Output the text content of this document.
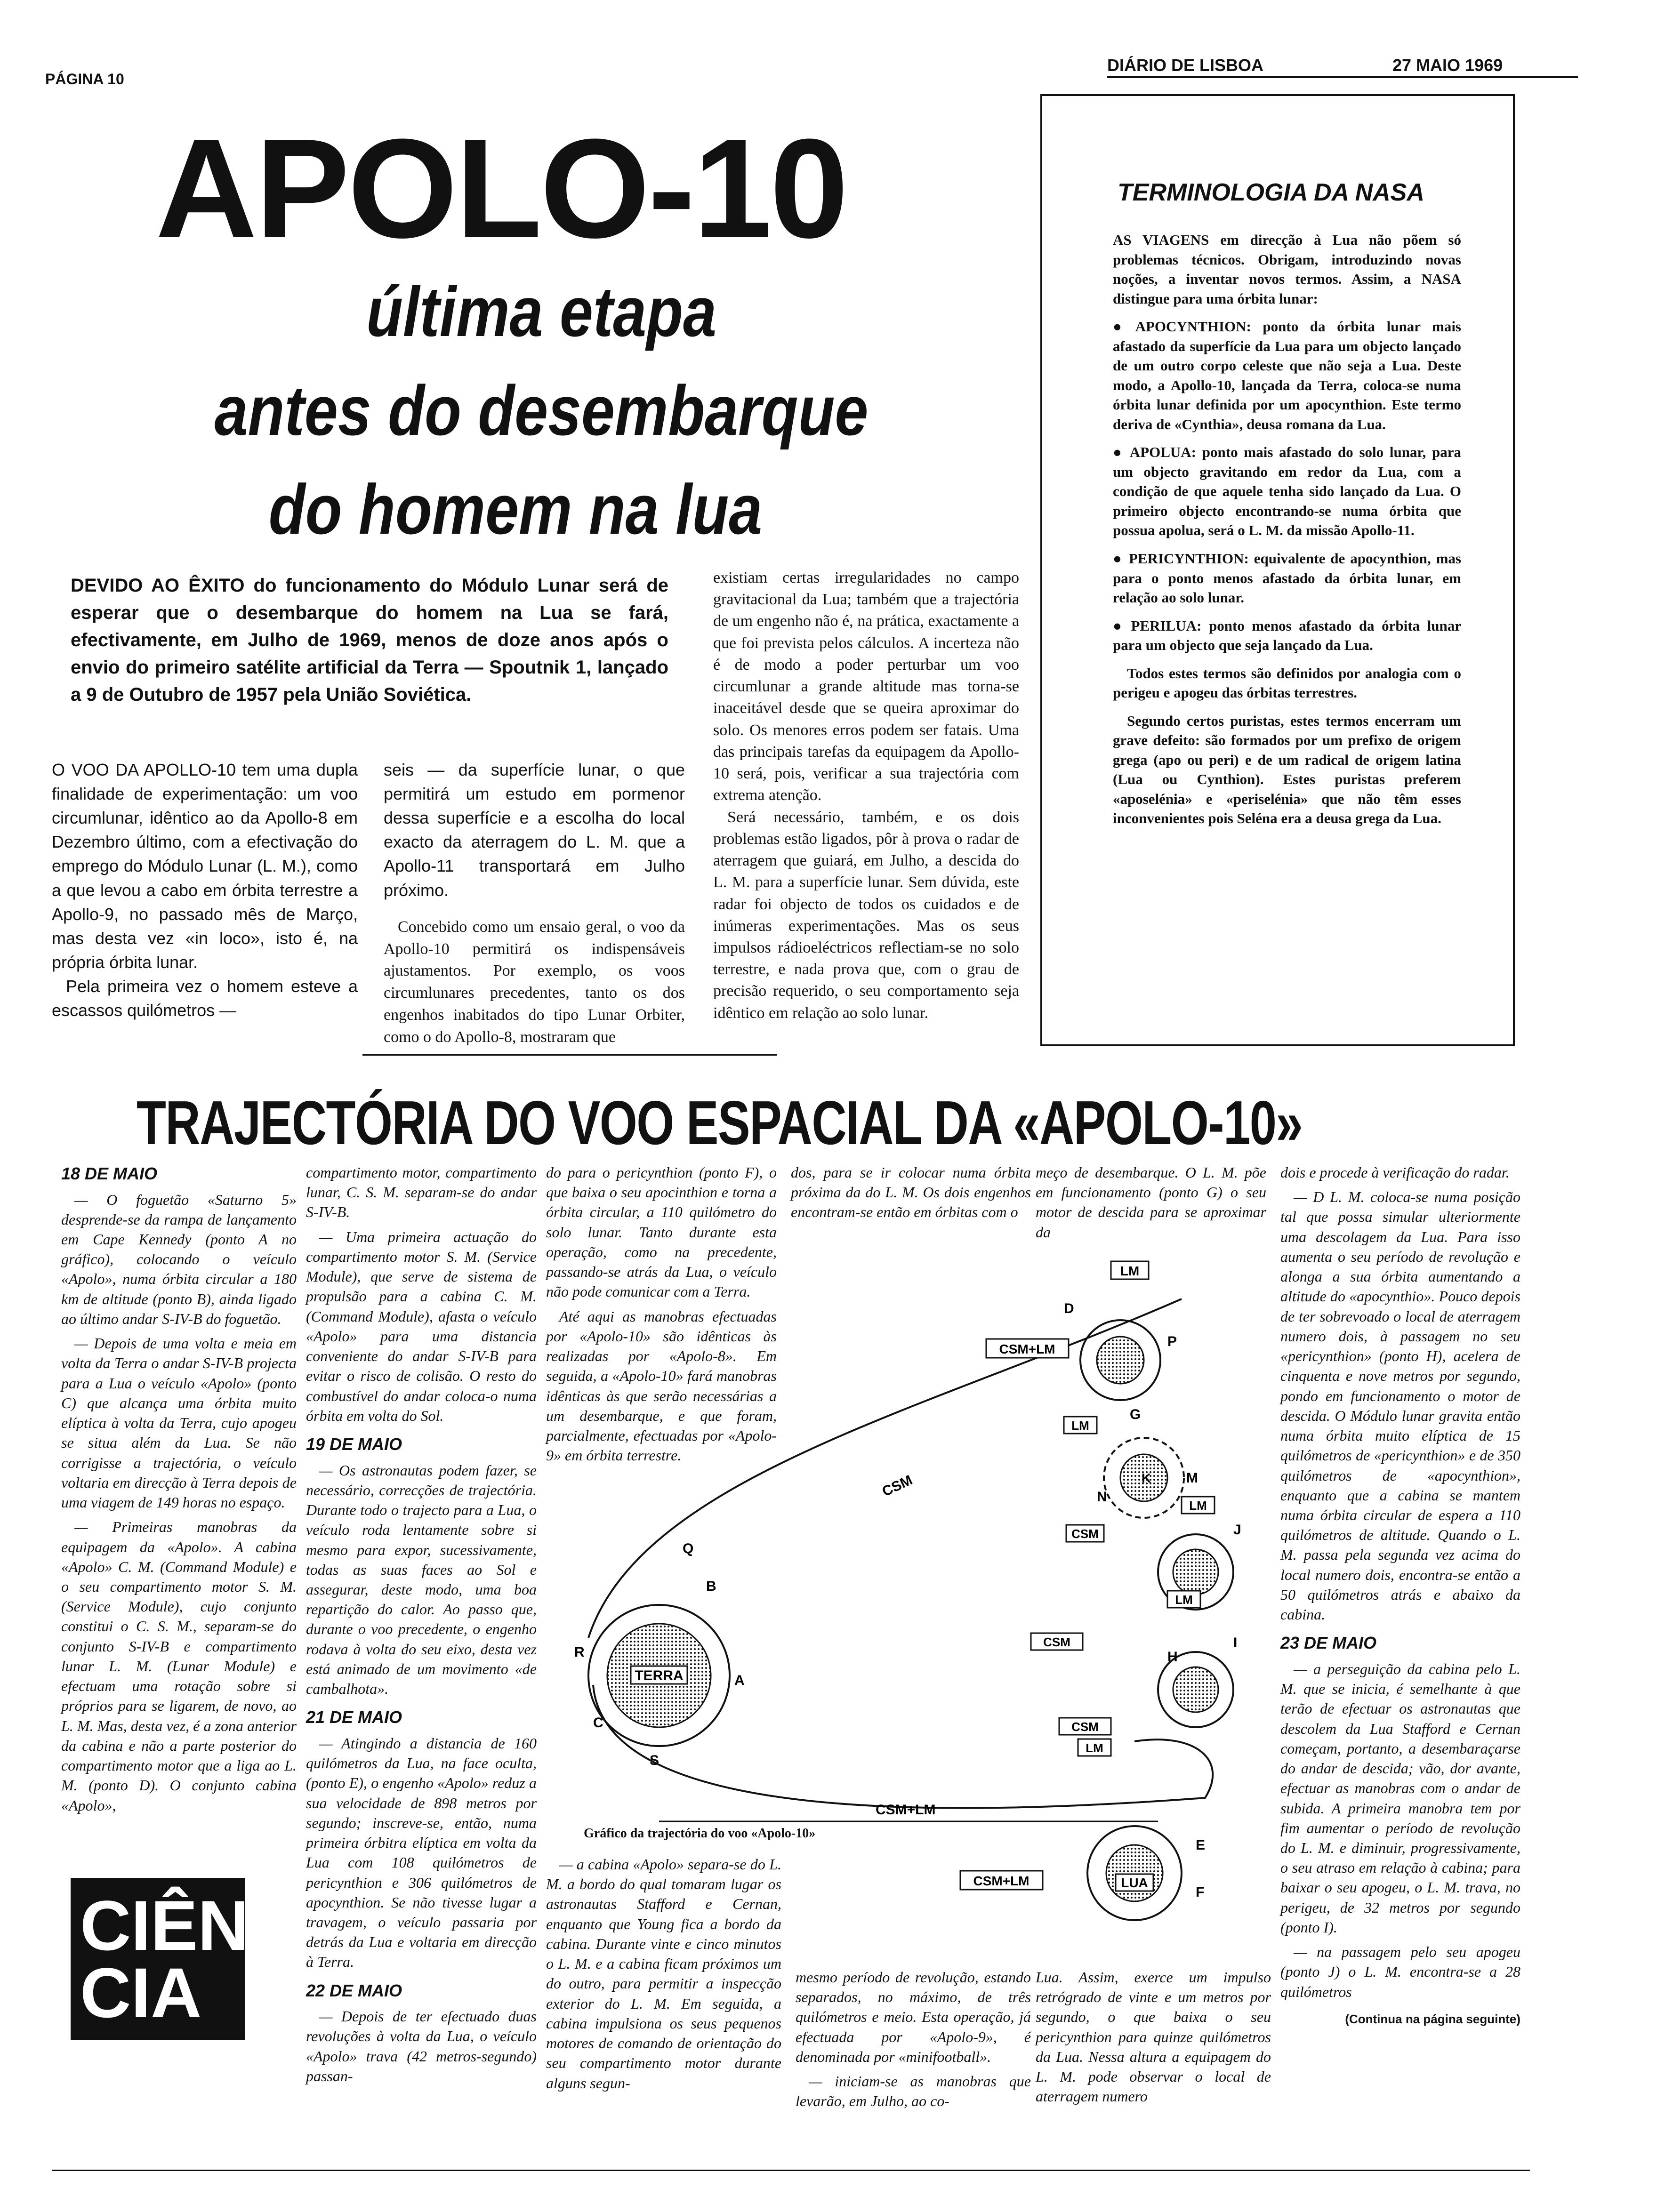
PÁGINA 10
DIÁRIO DE LISBOA	27 MAIO 1969
APOLO-10
última etapa
antes do desembarque
do homem na lua
DEVIDO AO ÊXITO do funcionamento do Módulo Lunar será de esperar que o desembarque do homem na Lua se fará, efectivamente, em Julho de 1969, menos de doze anos após o envio do primeiro satélite artificial da Terra — Spoutnik 1, lançado a 9 de Outubro de 1957 pela União Soviética.

O VOO DA APOLLO-10 tem uma dupla finalidade de experimentação: um voo circumlunar, idêntico ao da Apollo-8 em Dezembro último, com a efectivação do emprego do Módulo Lunar (L. M.), como a que levou a cabo em órbita terrestre a Apollo-9, no passado mês de Março, mas desta vez «in loco», isto é, na própria órbita lunar.

Pela primeira vez o homem esteve a escassos quilómetros —

seis — da superfície lunar, o que permitirá um estudo em pormenor dessa superfície e a escolha do local exacto da aterragem do L. M. que a Apollo-11 transportará em Julho próximo.

Concebido como um ensaio geral, o voo da Apollo-10 permitirá os indispensáveis ajustamentos. Por exemplo, os voos circumlunares precedentes, tanto os dos engenhos inabitados do tipo Lunar Orbiter, como o do Apollo-8, mostraram que

existiam certas irregularidades no campo gravitacional da Lua; também que a trajectória de um engenho não é, na prática, exactamente a que foi prevista pelos cálculos. A incerteza não é de modo a poder perturbar um voo circumlunar a grande altitude mas torna-se inaceitável desde que se queira aproximar do solo. Os menores erros podem ser fatais. Uma das principais tarefas da equipagem da Apollo-10 será, pois, verificar a sua trajectória com extrema atenção.

Será necessário, também, e os dois problemas estão ligados, pôr à prova o radar de aterragem que guiará, em Julho, a descida do L. M. para a superfície lunar. Sem dúvida, este radar foi objecto de todos os cuidados e de inúmeras experimentações. Mas os seus impulsos rádioeléctricos reflectiam-se no solo terrestre, e nada prova que, com o grau de precisão requerido, o seu comportamento seja idêntico em relação ao solo lunar.

TERMINOLOGIA DA NASA

AS VIAGENS em direcção à Lua não põem só problemas técnicos. Obrigam, introduzindo novas noções, a inventar novos termos. Assim, a NASA distingue para uma órbita lunar:

● APOCYNTHION: ponto da órbita lunar mais afastado da superfície da Lua para um objecto lançado de um outro corpo celeste que não seja a Lua. Deste modo, a Apollo-10, lançada da Terra, coloca-se numa órbita lunar definida por um apocynthion. Este termo deriva de «Cynthia», deusa romana da Lua.

● APOLUA: ponto mais afastado do solo lunar, para um objecto gravitando em redor da Lua, com a condição de que aquele tenha sido lançado da Lua. O primeiro objecto encontrando-se numa órbita que possua apolua, será o L. M. da missão Apollo-11.

● PERICYNTHION: equivalente de apocynthion, mas para o ponto menos afastado da órbita lunar, em relação ao solo lunar.

● PERILUA: ponto menos afastado da órbita lunar para um objecto que seja lançado da Lua.

Todos estes termos são definidos por analogia com o perigeu e apogeu das órbitas terrestres.

Segundo certos puristas, estes termos encerram um grave defeito: são formados por um prefixo de origem grega (apo ou peri) e de um radical de origem latina (Lua ou Cynthion). Estes puristas preferem «aposelénia» e «periselénia» que não têm esses inconvenientes pois Seléna era a deusa grega da Lua.

TRAJECTÓRIA DO VOO ESPACIAL DA «APOLO-10»
18 DE MAIO

— O foguetão «Saturno 5» desprende-se da rampa de lançamento em Cape Kennedy (ponto A no gráfico), colocando o veículo «Apolo», numa órbita circular a 180 km de altitude (ponto B), ainda ligado ao último andar S-IV-B do foguetão.

— Depois de uma volta e meia em volta da Terra o andar S-IV-B projecta para a Lua o veículo «Apolo» (ponto C) que alcança uma órbita muito elíptica à volta da Terra, cujo apogeu se situa além da Lua. Se não corrigisse a trajectória, o veículo voltaria em direcção à Terra depois de uma viagem de 149 horas no espaço.

— Primeiras manobras da equipagem da «Apolo». A cabina «Apolo» C. M. (Command Module) e o seu compartimento motor S. M. (Service Module), cujo conjunto constitui o C. S. M., separam-se do conjunto S-IV-B e compartimento lunar L. M. (Lunar Module) e efectuam uma rotação sobre si próprios para se ligarem, de novo, ao L. M. Mas, desta vez, é a zona anterior da cabina e não a parte posterior do compartimento motor que a liga ao L. M. (ponto D). O conjunto cabina «Apolo»,

compartimento motor, compartimento lunar, C. S. M. separam-se do andar S-IV-B.

— Uma primeira actuação do compartimento motor S. M. (Service Module), que serve de sistema de propulsão para a cabina C. M. (Command Module), afasta o veículo «Apolo» para uma distancia conveniente do andar S-IV-B para evitar o risco de colisão. O resto do combustível do andar coloca-o numa órbita em volta do Sol.

19 DE MAIO

— Os astronautas podem fazer, se necessário, correcções de trajectória. Durante todo o trajecto para a Lua, o veículo roda lentamente sobre si mesmo para expor, sucessivamente, todas as suas faces ao Sol e assegurar, deste modo, uma boa repartição do calor. Ao passo que, durante o voo precedente, o engenho rodava à volta do seu eixo, desta vez está animado de um movimento «de cambalhota».

21 DE MAIO

— Atingindo a distancia de 160 quilómetros da Lua, na face oculta, (ponto E), o engenho «Apolo» reduz a sua velocidade de 898 metros por segundo; inscreve-se, então, numa primeira órbitra elíptica em volta da Lua com 108 quilómetros de pericynthion e 306 quilómetros de apocynthion. Se não tivesse lugar a travagem, o veículo passaria por detrás da Lua e voltaria em direcção à Terra.

22 DE MAIO

— Depois de ter efectuado duas revoluções à volta da Lua, o veículo «Apolo» trava (42 metros-segundo) passan-

do para o pericynthion (ponto F), o que baixa o seu apocinthion e torna a órbita circular, a 110 quilómetro do solo lunar. Tanto durante esta operação, como na precedente, passando-se atrás da Lua, o veículo não pode comunicar com a Terra.

Até aqui as manobras efectuadas por «Apolo-10» são idênticas às realizadas por «Apolo-8». Em seguida, a «Apolo-10» fará manobras idênticas às que serão necessárias a um desembarque, e que foram, parcialmente, efectuadas por «Apolo-9» em órbita terrestre.

dos, para se ir colocar numa órbita próxima da do L. M. Os dois engenhos encontram-se então em órbitas com o

meço de desembarque. O L. M. põe em funcionamento (ponto G) o seu motor de descida para se aproximar da

TERRA
LUA
LM
CSM+LM
LM
LM
CSM
LM
CSM
CSM
LM
CSM+LM
CSM
CSM+LM
A
B
C
D
E
F
G
H
I
J
K M
N
P
Q
R
S
Gráfico da trajectória do voo «Apolo-10»

— a cabina «Apolo» separa-se do L. M. a bordo do qual tomaram lugar os astronautas Stafford e Cernan, enquanto que Young fica a bordo da cabina. Durante vinte e cinco minutos o L. M. e a cabina ficam próximos um do outro, para permitir a inspecção exterior do L. M. Em seguida, a cabina impulsiona os seus pequenos motores de comando de orientação do seu compartimento motor durante alguns segun-

mesmo período de revolução, estando separados, no máximo, de três quilómetros e meio. Esta operação, já efectuada por «Apolo-9», é denominada por «minifootball».

— iniciam-se as manobras que levarão, em Julho, ao co-

Lua. Assim, exerce um impulso retrógrado de vinte e um metros por segundo, o que baixa o seu pericynthion para quinze quilómetros da Lua. Nessa altura a equipagem do L. M. pode observar o local de aterragem numero

dois e procede à verificação do radar.

— D L. M. coloca-se numa posição tal que possa simular ulteriormente uma descolagem da Lua. Para isso aumenta o seu período de revolução e alonga a sua órbita aumentando a altitude do «apocynthio». Pouco depois de ter sobrevoado o local de aterragem numero dois, à passagem no seu «pericynthion» (ponto H), acelera de cinquenta e nove metros por segundo, pondo em funcionamento o motor de descida. O Módulo lunar gravita então numa órbita muito elíptica de 15 quilómetros de «pericynthion» e de 350 quilómetros de «apocynthion», enquanto que a cabina se mantem numa órbita circular de espera a 110 quilómetros de altitude. Quando o L. M. passa pela segunda vez acima do local numero dois, encontra-se então a 50 quilómetros atrás e abaixo da cabina.

23 DE MAIO

— a perseguição da cabina pelo L. M. que se inicia, é semelhante à que terão de efectuar os astronautas que descolem da Lua Stafford e Cernan começam, portanto, a desembaraçarse do andar de descida; vão, dor avante, efectuar as manobras com o andar de subida. A primeira manobra tem por fim aumentar o período de revolução do L. M. e diminuir, progressivamente, o seu atraso em relação à cabina; para baixar o seu apogeu, o L. M. trava, no perigeu, de 32 metros por segundo (ponto I).

— na passagem pelo seu apogeu (ponto J) o L. M. encontra-se a 28 quilómetros

(Continua na página seguinte)
CIÊN
CIA
